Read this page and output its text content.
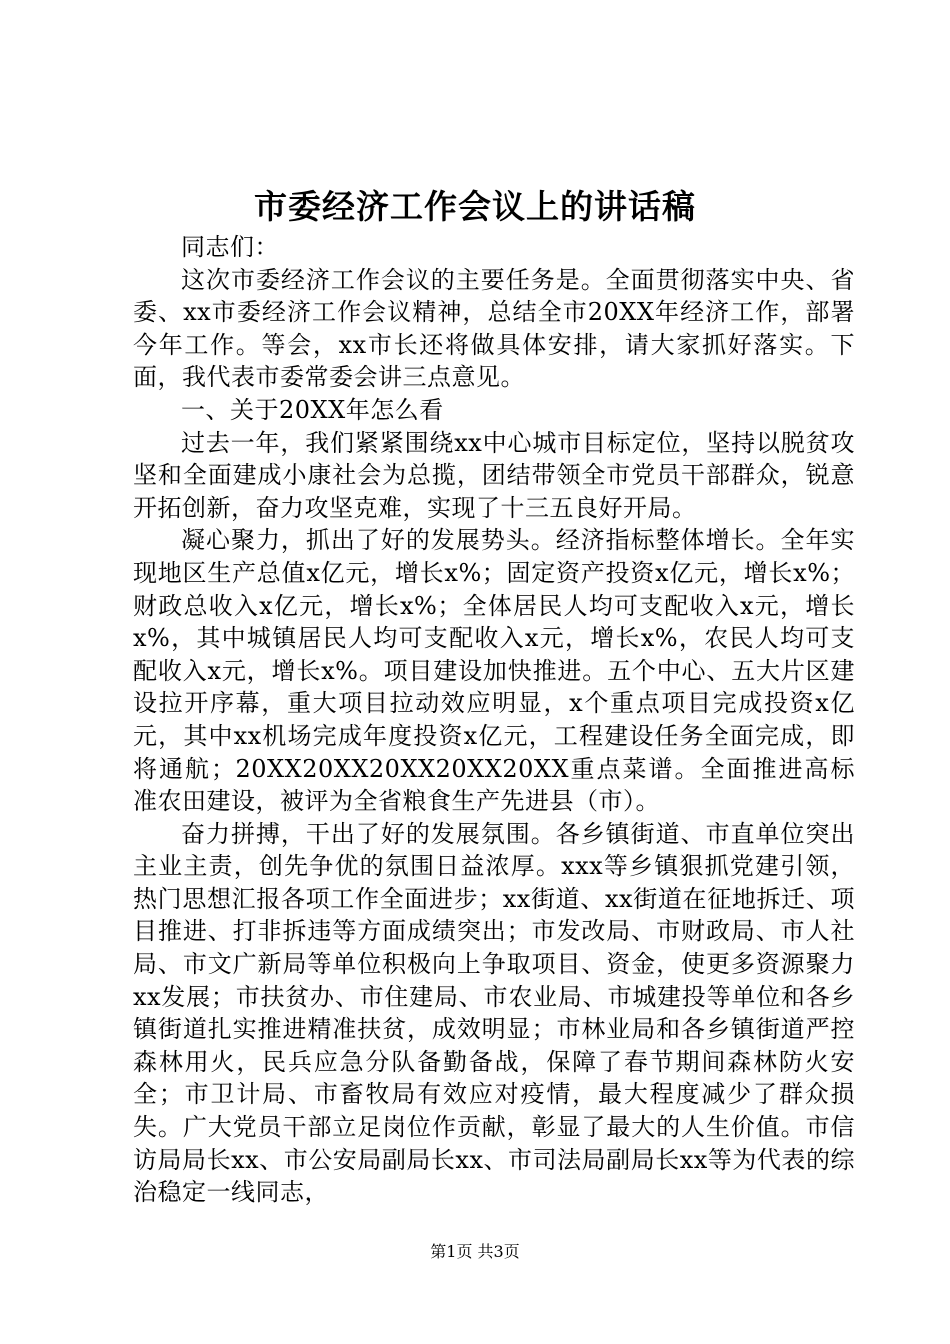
市委经济工作会议上的讲话稿

同志们：

这次市委经济工作会议的主要任务是。全面贯彻落实中央、省委、xx市委经济工作会议精神，总结全市20XX年经济工作，部署今年工作。等会，xx市长还将做具体安排，请大家抓好落实。下面，我代表市委常委会讲三点意见。

一、关于20XX年怎么看

过去一年，我们紧紧围绕xx中心城市目标定位，坚持以脱贫攻坚和全面建成小康社会为总揽，团结带领全市党员干部群众，锐意开拓创新，奋力攻坚克难，实现了十三五良好开局。

凝心聚力，抓出了好的发展势头。经济指标整体增长。全年实现地区生产总值x亿元，增长x%；固定资产投资x亿元，增长x%；财政总收入x亿元，增长x%；全体居民人均可支配收入x元，增长x%，其中城镇居民人均可支配收入x元，增长x%，农民人均可支配收入x元，增长x%。项目建设加快推进。五个中心、五大片区建设拉开序幕，重大项目拉动效应明显，x个重点项目完成投资x亿元，其中xx机场完成年度投资x亿元，工程建设任务全面完成，即将通航；20XX20XX20XX20XX20XX重点菜谱。全面推进高标准农田建设，被评为全省粮食生产先进县（市）。

奋力拼搏，干出了好的发展氛围。各乡镇街道、市直单位突出主业主责，创先争优的氛围日益浓厚。xxx等乡镇狠抓党建引领，热门思想汇报各项工作全面进步；xx街道、xx街道在征地拆迁、项目推进、打非拆违等方面成绩突出；市发改局、市财政局、市人社局、市文广新局等单位积极向上争取项目、资金，使更多资源聚力xx发展；市扶贫办、市住建局、市农业局、市城建投等单位和各乡镇街道扎实推进精准扶贫，成效明显；市林业局和各乡镇街道严控森林用火，民兵应急分队备勤备战，保障了春节期间森林防火安全；市卫计局、市畜牧局有效应对疫情，最大程度减少了群众损失。广大党员干部立足岗位作贡献，彰显了最大的人生价值。市信访局局长xx、市公安局副局长xx、市司法局副局长xx等为代表的综治稳定一线同志，

第1页 共3页
